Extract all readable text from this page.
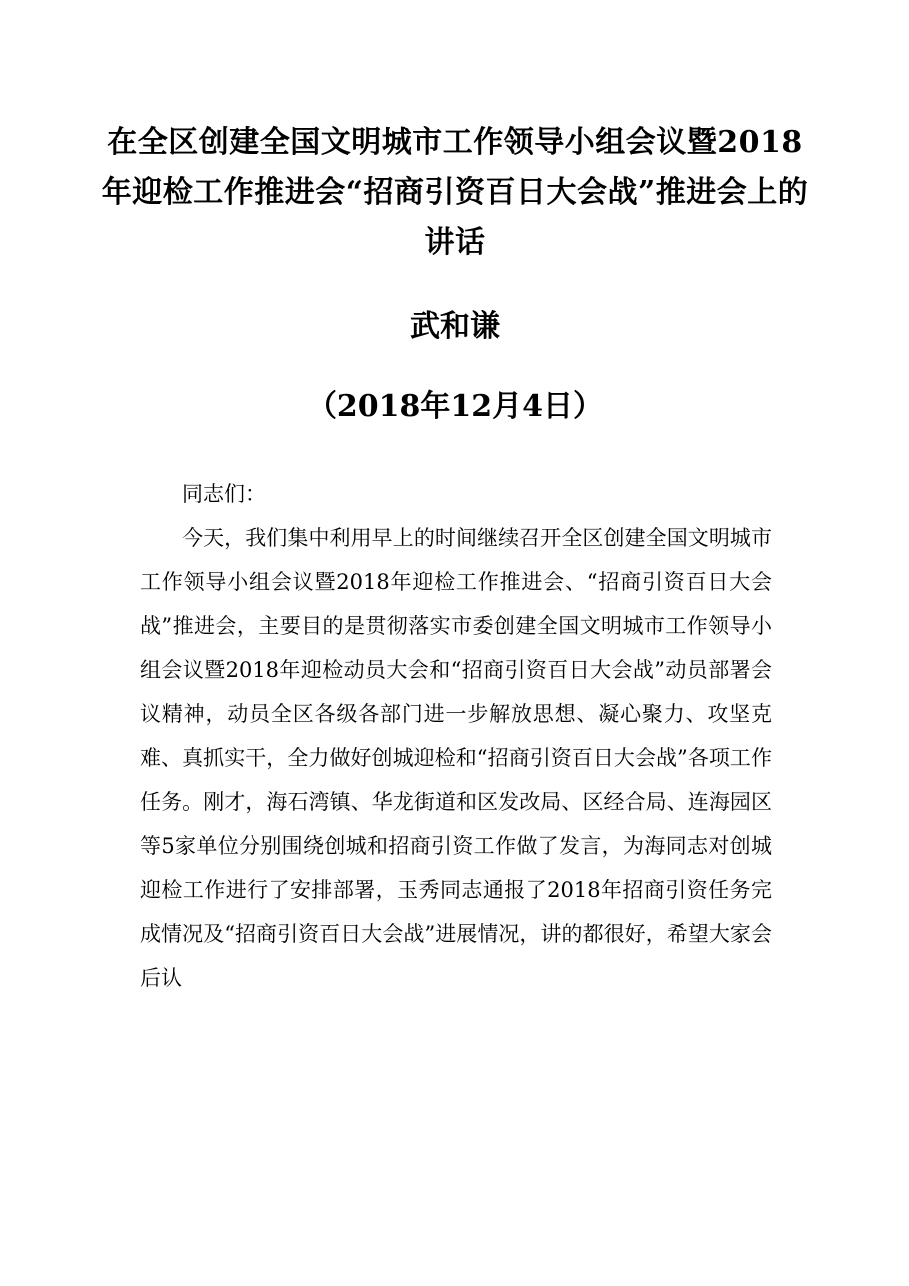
在全区创建全国文明城市工作领导小组会议暨2018年迎检工作推进会“招商引资百日大会战”推进会上的讲话
武和谦
（2018年12月4日）

同志们：

今天，我们集中利用早上的时间继续召开全区创建全国文明城市工作领导小组会议暨2018年迎检工作推进会、“招商引资百日大会战”推进会，主要目的是贯彻落实市委创建全国文明城市工作领导小组会议暨2018年迎检动员大会和“招商引资百日大会战”动员部署会议精神，动员全区各级各部门进一步解放思想、凝心聚力、攻坚克难、真抓实干，全力做好创城迎检和“招商引资百日大会战”各项工作任务。刚才，海石湾镇、华龙街道和区发改局、区经合局、连海园区等5家单位分别围绕创城和招商引资工作做了发言，为海同志对创城迎检工作进行了安排部署，玉秀同志通报了2018年招商引资任务完成情况及“招商引资百日大会战”进展情况，讲的都很好，希望大家会后认
